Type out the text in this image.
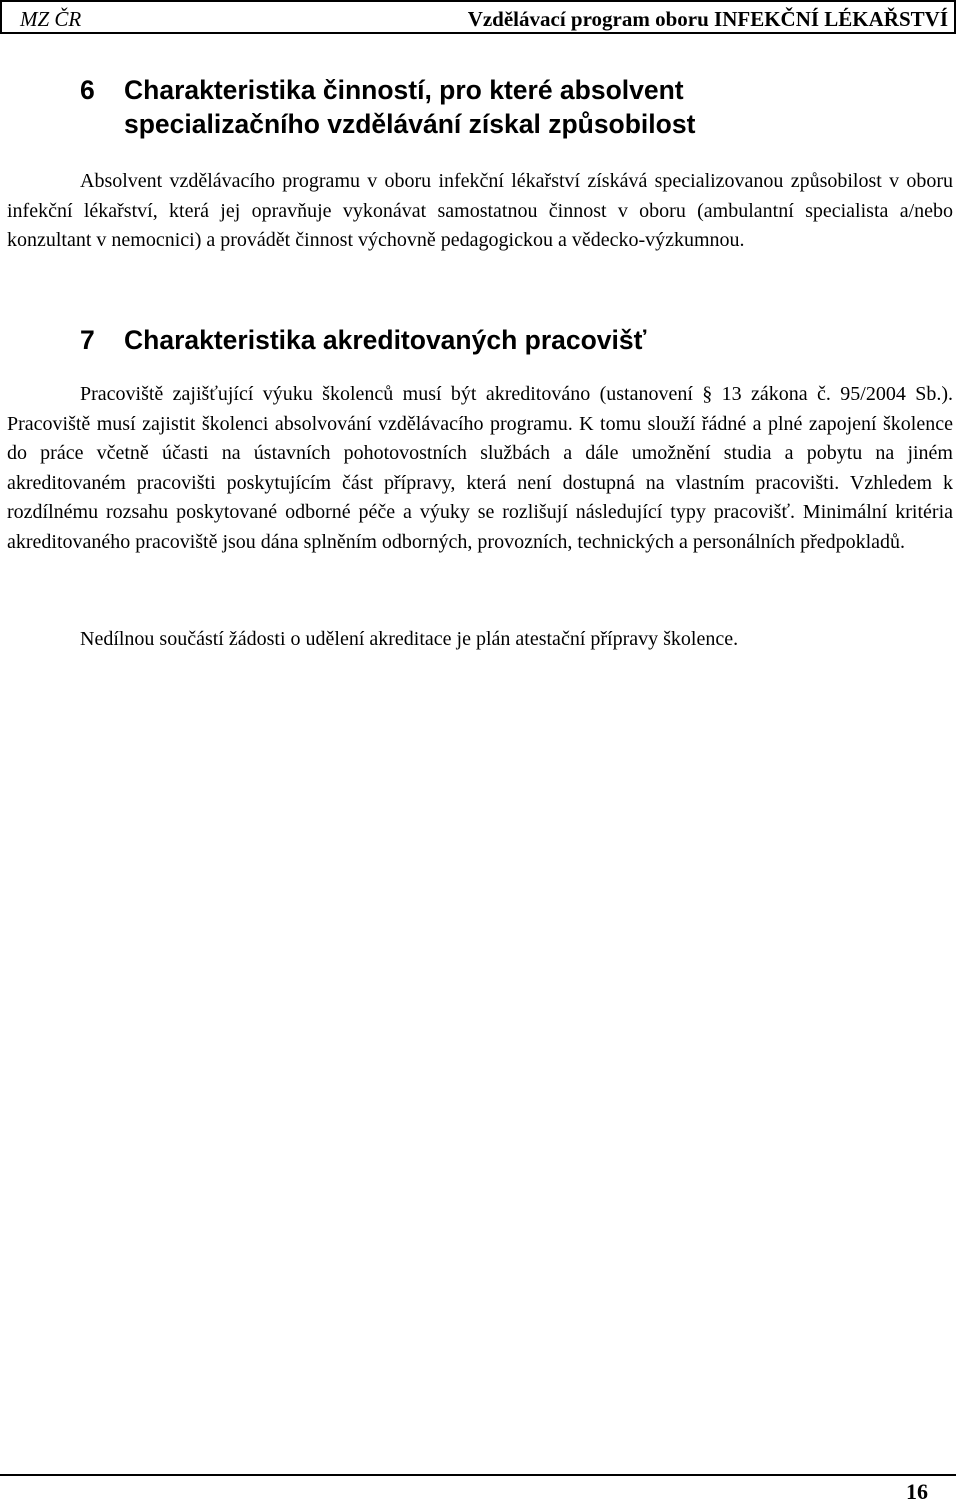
MZ ČR	Vzdělávací program oboru INFEKČNÍ LÉKAŘSTVÍ
6 Charakteristika činností, pro které absolvent
specializačního vzdělávání získal způsobilost

Absolvent vzdělávacího programu v oboru infekční lékařství získává specializovanou způsobilost v oboru infekční lékařství, která jej opravňuje vykonávat samostatnou činnost v oboru (ambulantní specialista a/nebo konzultant v nemocnici) a provádět činnost výchovně pedagogickou a vědecko-výzkumnou.

7 Charakteristika akreditovaných pracovišť

Pracoviště zajišťující výuku školenců musí být akreditováno (ustanovení § 13 zákona č. 95/2004 Sb.). Pracoviště musí zajistit školenci absolvování vzdělávacího programu. K tomu slouží řádné a plné zapojení školence do práce včetně účasti na ústavních pohotovostních službách a dále umožnění studia a pobytu na jiném akreditovaném pracovišti poskytujícím část přípravy, která není dostupná na vlastním pracovišti. Vzhledem k rozdílnému rozsahu poskytované odborné péče a výuky se rozlišují následující typy pracovišť. Minimální kritéria akreditovaného pracoviště jsou dána splněním odborných, provozních, technických a personálních předpokladů.

Nedílnou součástí žádosti o udělení akreditace je plán atestační přípravy školence.

16
